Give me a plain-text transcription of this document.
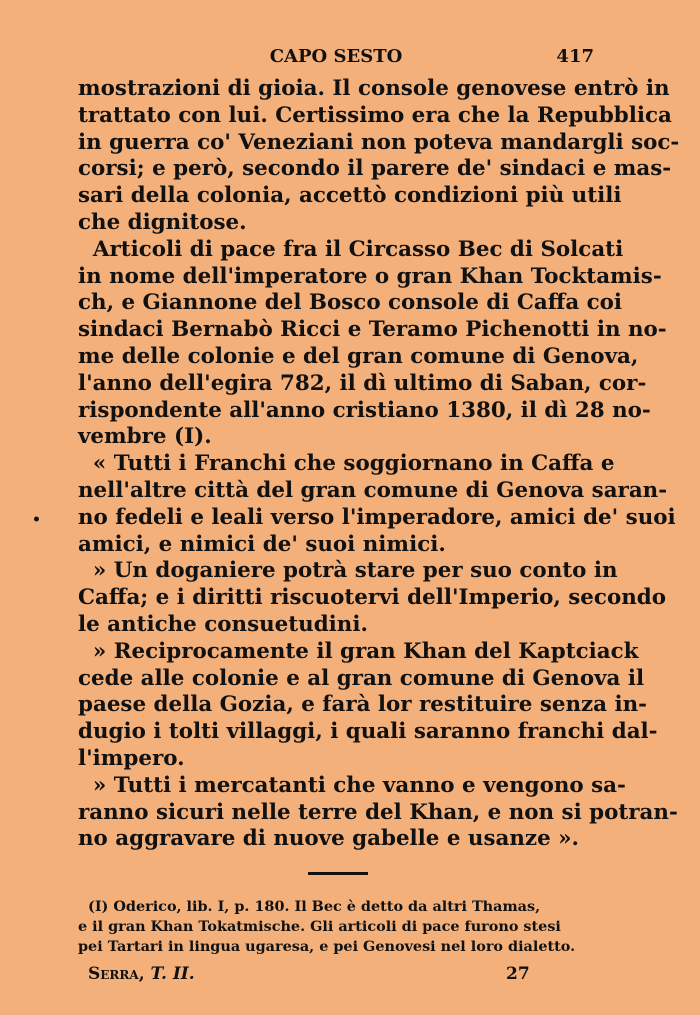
CAPO SESTO	417
mostrazioni di gioia. Il console genovese entrò in
trattato con lui. Certissimo era che la Repubblica
in guerra co' Veneziani non poteva mandargli soc-
corsi; e però, secondo il parere de' sindaci e mas-
sari della colonia, accettò condizioni più utili
che dignitose.
Articoli di pace fra il Circasso Bec di Solcati
in nome dell'imperatore o gran Khan Tocktamis-
ch, e Giannone del Bosco console di Caffa coi
sindaci Bernabò Ricci e Teramo Pichenotti in no-
me delle colonie e del gran comune di Genova,
l'anno dell'egira 782, il dì ultimo di Saban, cor-
rispondente all'anno cristiano 1380, il dì 28 no-
vembre (I).
« Tutti i Franchi che soggiornano in Caffa e
nell'altre città del gran comune di Genova saran-
no fedeli e leali verso l'imperadore, amici de' suoi
amici, e nimici de' suoi nimici.
» Un doganiere potrà stare per suo conto in
Caffa; e i diritti riscuotervi dell'Imperio, secondo
le antiche consuetudini.
» Reciprocamente il gran Khan del Kaptciack
cede alle colonie e al gran comune di Genova il
paese della Gozia, e farà lor restituire senza in-
dugio i tolti villaggi, i quali saranno franchi dal-
l'impero.
» Tutti i mercatanti che vanno e vengono sa-
ranno sicuri nelle terre del Khan, e non si potran-
no aggravare di nuove gabelle e usanze ».
•
(I) Oderico, lib. I, p. 180. Il Bec è detto da altri Thamas,
e il gran Khan Tokatmische. Gli articoli di pace furono stesi
pei Tartari in lingua ugaresa, e pei Genovesi nel loro dialetto.
Serra, T. II.	27
